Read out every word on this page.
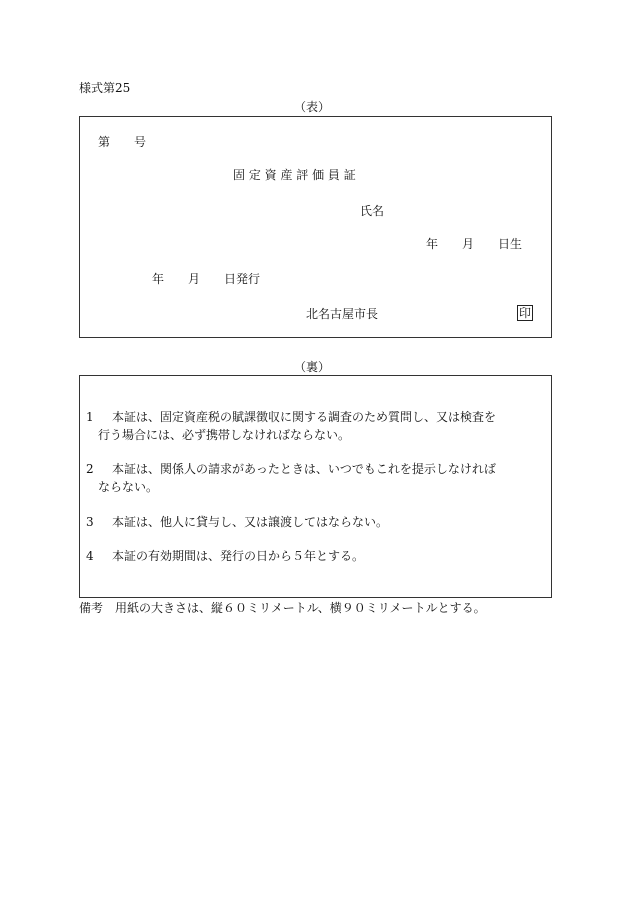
様式第25
（表）
第　　号
固 定 資 産 評 価 員 証
氏名
年　　月　　日生
年　　月　　日発行
北名古屋市長	印
（裏）
1 本証は、固定資産税の賦課徴収に関する調査のため質問し、又は検査を
行う場合には、必ず携帯しなければならない。
2 本証は、関係人の請求があったときは、いつでもこれを提示しなければ
ならない。
3 本証は、他人に貸与し、又は譲渡してはならない。
4 本証の有効期間は、発行の日から５年とする。
備考　用紙の大きさは、縦６０ミリメートル、横９０ミリメートルとする。
